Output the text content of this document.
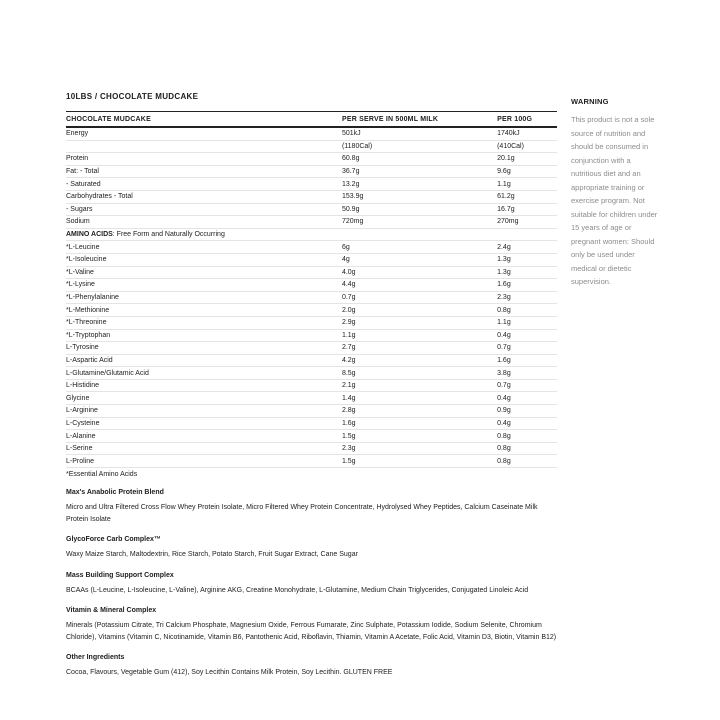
10LBS / CHOCOLATE MUDCAKE
CHOCOLATE MUDCAKE	PER SERVE IN 500ML MILK	PER 100G
Energy	501kJ	1740kJ
	(1180Cal)	(410Cal)
Protein	60.8g	20.1g
Fat: - Total	36.7g	9.6g
- Saturated	13.2g	1.1g
Carbohydrates - Total	153.9g	61.2g
- Sugars	50.9g	16.7g
Sodium	720mg	270mg
AMINO ACIDS: Free Form and Naturally Occurring		
*L-Leucine	6g	2.4g
*L-Isoleucine	4g	1.3g
*L-Valine	4.0g	1.3g
*L-Lysine	4.4g	1.6g
*L-Phenylalanine	0.7g	2.3g
*L-Methionine	2.0g	0.8g
*L-Threonine	2.9g	1.1g
*L-Tryptophan	1.1g	0.4g
L-Tyrosine	2.7g	0.7g
L-Aspartic Acid	4.2g	1.6g
L-Glutamine/Glutamic Acid	8.5g	3.8g
L-Histidine	2.1g	0.7g
Glycine	1.4g	0.4g
L-Arginine	2.8g	0.9g
L-Cysteine	1.6g	0.4g
L-Alanine	1.5g	0.8g
L-Serine	2.3g	0.8g
L-Proline	1.5g	0.8g
*Essential Amino Acids		
Max's Anabolic Protein Blend

Micro and Ultra Filtered Cross Flow Whey Protein Isolate, Micro Filtered Whey Protein Concentrate, Hydrolysed Whey Peptides, Calcium Caseinate Milk Protein Isolate

GlycoForce Carb Complex™

Waxy Maize Starch, Maltodextrin, Rice Starch, Potato Starch, Fruit Sugar Extract, Cane Sugar

Mass Building Support Complex

BCAAs (L-Leucine, L-Isoleucine, L-Valine), Arginine AKG, Creatine Monohydrate, L-Glutamine, Medium Chain Triglycerides, Conjugated Linoleic Acid

Vitamin & Mineral Complex

Minerals (Potassium Citrate, Tri Calcium Phosphate, Magnesium Oxide, Ferrous Fumarate, Zinc Sulphate, Potassium Iodide, Sodium Selenite, Chromium Chloride), Vitamins (Vitamin C, Nicotinamide, Vitamin B6, Pantothenic Acid, Riboflavin, Thiamin, Vitamin A Acetate, Folic Acid, Vitamin D3, Biotin, Vitamin B12)

Other Ingredients

Cocoa, Flavours, Vegetable Gum (412), Soy Lecithin Contains Milk Protein, Soy Lecithin. GLUTEN FREE

WARNING

This product is not a sole source of nutrition and should be consumed in conjunction with a nutritious diet and an appropriate training or exercise program. Not suitable for children under 15 years of age or pregnant women: Should only be used under medical or dietetic supervision.
